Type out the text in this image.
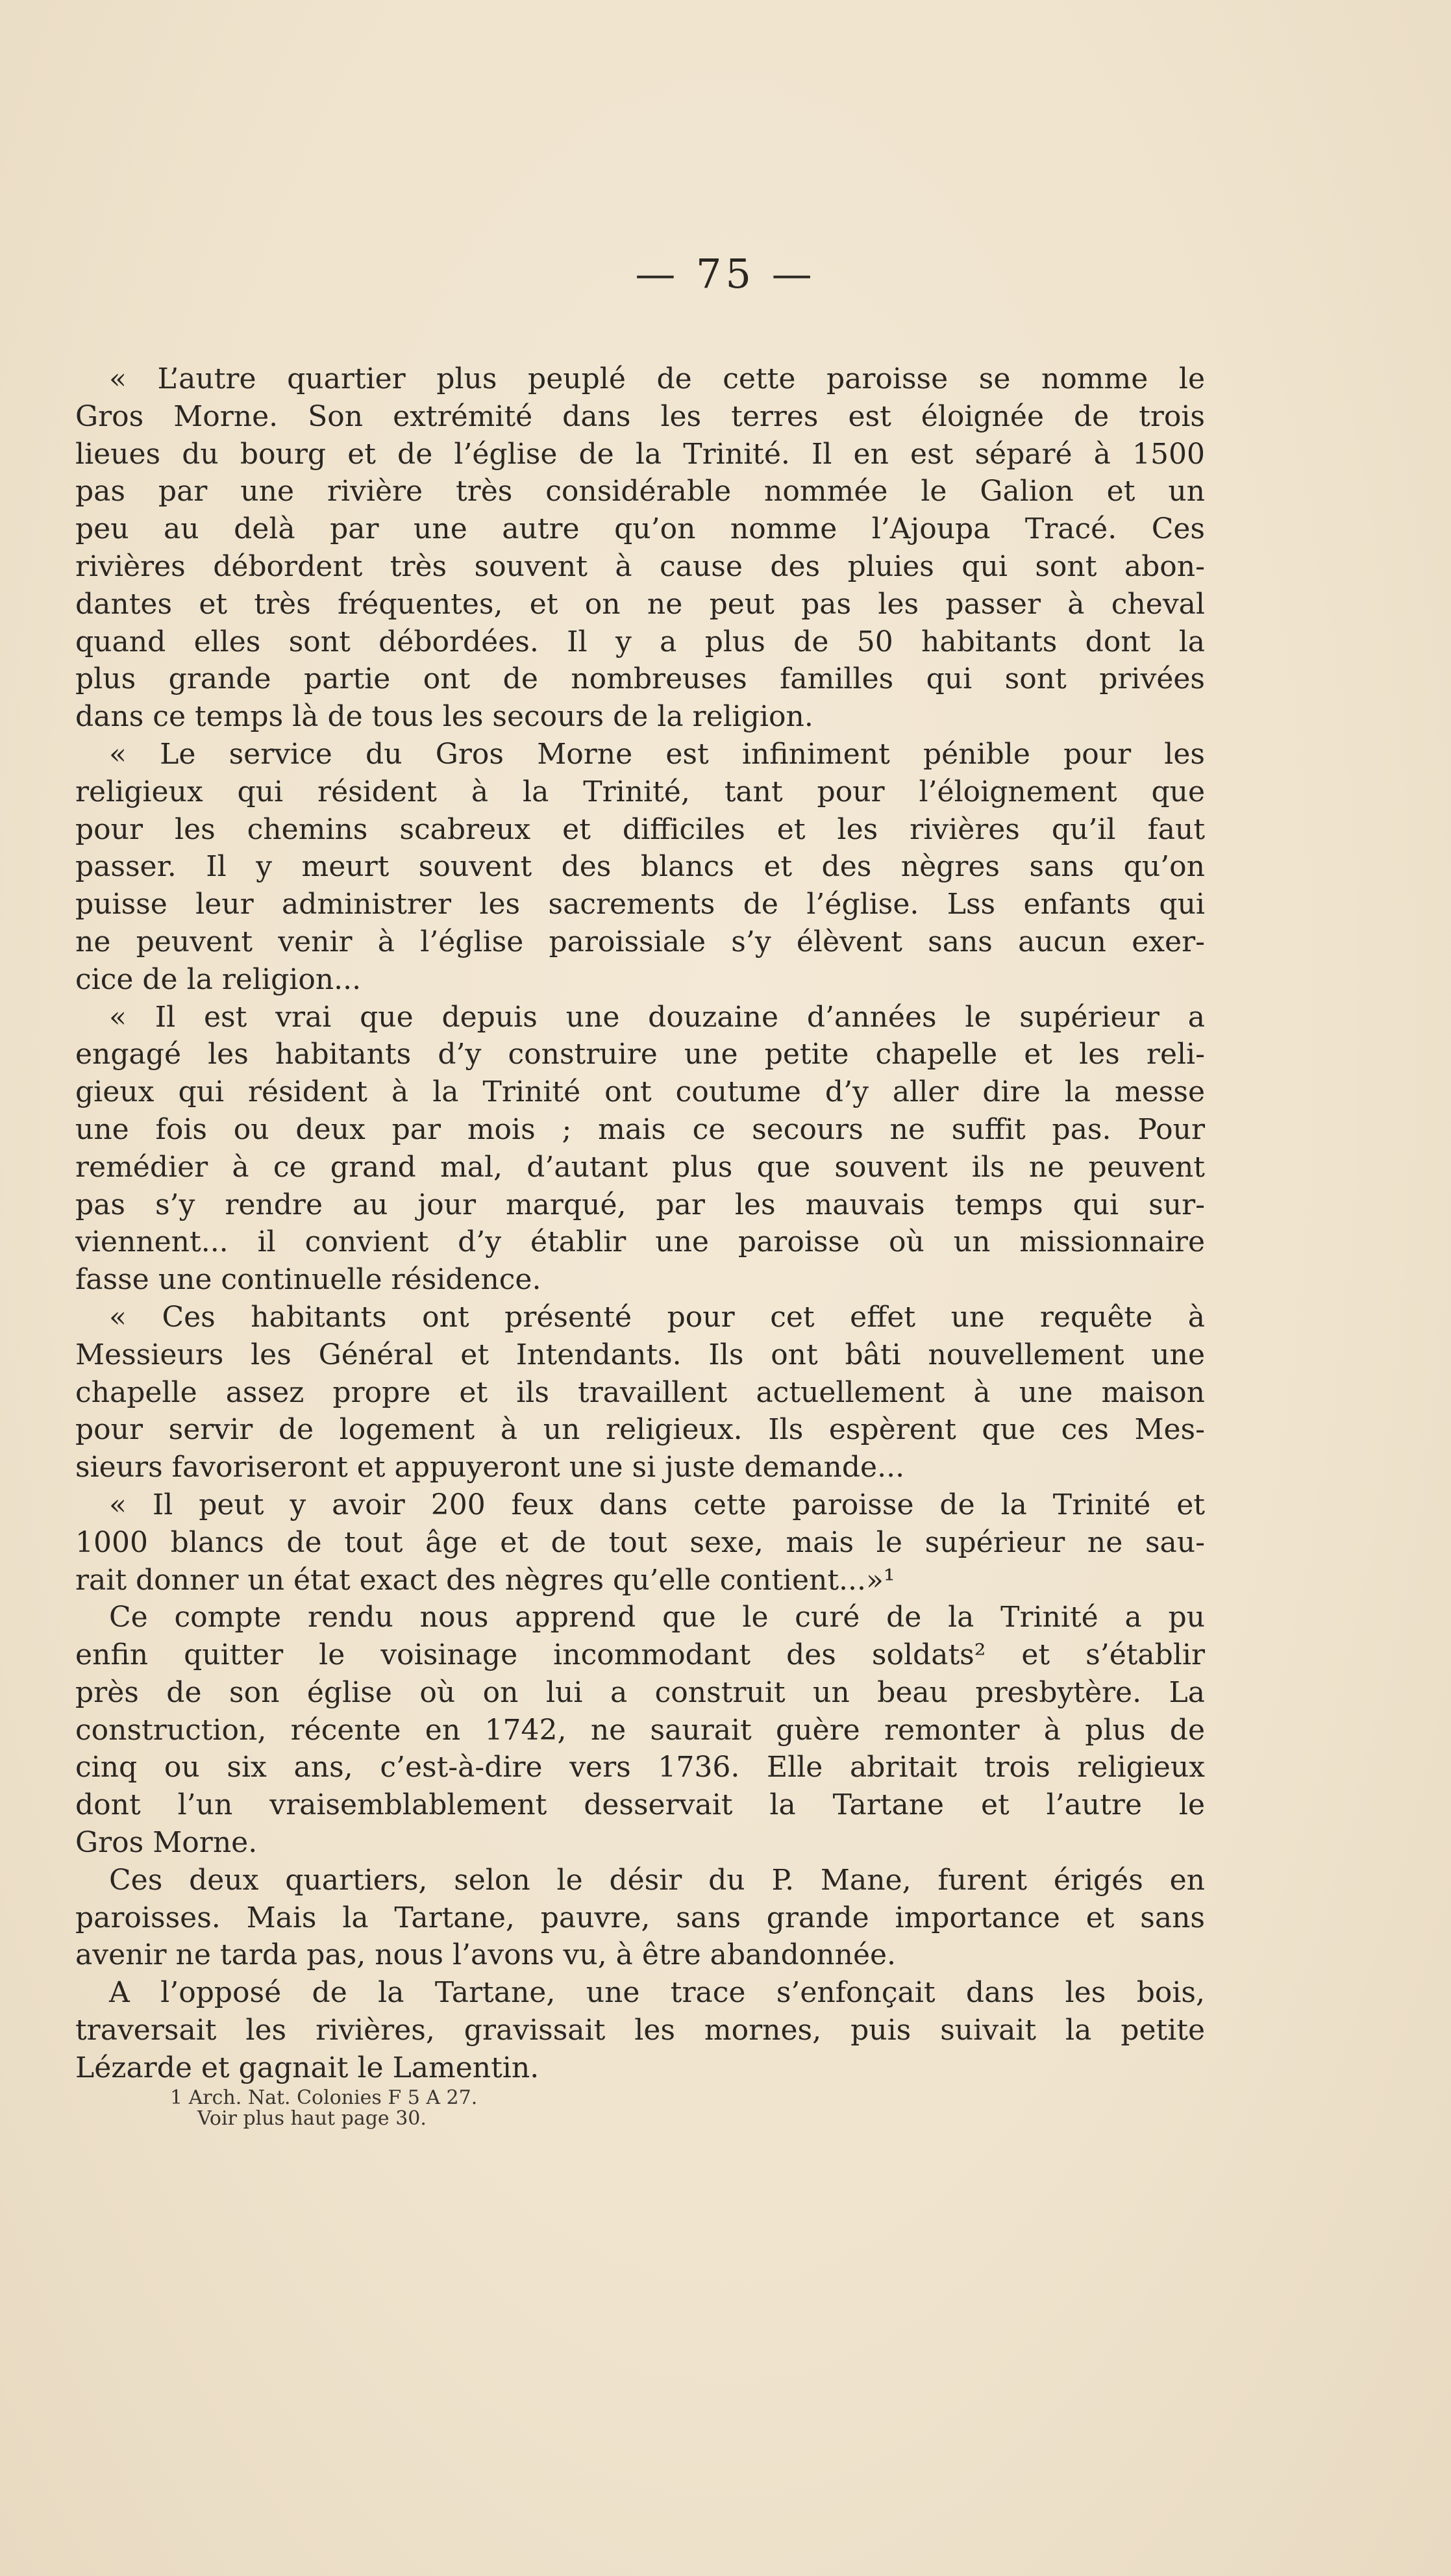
— 75 —
« L’autre quartier plus peuplé de cette paroisse se nomme le
Gros Morne. Son extrémité dans les terres est éloignée de trois
lieues du bourg et de l’église de la Trinité. Il en est séparé à 1500
pas par une rivière très considérable nommée le Galion et un
peu au delà par une autre qu’on nomme l’Ajoupa Tracé. Ces
rivières débordent très souvent à cause des pluies qui sont abon-
dantes et très fréquentes, et on ne peut pas les passer à cheval
quand elles sont débordées. Il y a plus de 50 habitants dont la
plus grande partie ont de nombreuses familles qui sont privées
dans ce temps là de tous les secours de la religion.
« Le service du Gros Morne est infiniment pénible pour les
religieux qui résident à la Trinité, tant pour l’éloignement que
pour les chemins scabreux et difficiles et les rivières qu’il faut
passer. Il y meurt souvent des blancs et des nègres sans qu’on
puisse leur administrer les sacrements de l’église. Lss enfants qui
ne peuvent venir à l’église paroissiale s’y élèvent sans aucun exer-
cice de la religion...
« Il est vrai que depuis une douzaine d’années le supérieur a
engagé les habitants d’y construire une petite chapelle et les reli-
gieux qui résident à la Trinité ont coutume d’y aller dire la messe
une fois ou deux par mois ; mais ce secours ne suffit pas. Pour
remédier à ce grand mal, d’autant plus que souvent ils ne peuvent
pas s’y rendre au jour marqué, par les mauvais temps qui sur-
viennent... il convient d’y établir une paroisse où un missionnaire
fasse une continuelle résidence.
« Ces habitants ont présenté pour cet effet une requête à
Messieurs les Général et Intendants. Ils ont bâti nouvellement une
chapelle assez propre et ils travaillent actuellement à une maison
pour servir de logement à un religieux. Ils espèrent que ces Mes-
sieurs favoriseront et appuyeront une si juste demande...
« Il peut y avoir 200 feux dans cette paroisse de la Trinité et
1000 blancs de tout âge et de tout sexe, mais le supérieur ne sau-
rait donner un état exact des nègres qu’elle contient...»¹
Ce compte rendu nous apprend que le curé de la Trinité a pu
enfin quitter le voisinage incommodant des soldats² et s’établir
près de son église où on lui a construit un beau presbytère. La
construction, récente en 1742, ne saurait guère remonter à plus de
cinq ou six ans, c’est-à-dire vers 1736. Elle abritait trois religieux
dont l’un vraisemblablement desservait la Tartane et l’autre le
Gros Morne.
Ces deux quartiers, selon le désir du P. Mane, furent érigés en
paroisses. Mais la Tartane, pauvre, sans grande importance et sans
avenir ne tarda pas, nous l’avons vu, à être abandonnée.
A l’opposé de la Tartane, une trace s’enfonçait dans les bois,
traversait les rivières, gravissait les mornes, puis suivait la petite
Lézarde et gagnait le Lamentin.
1 Arch. Nat. Colonies F 5 A 27.
Voir plus haut page 30.
